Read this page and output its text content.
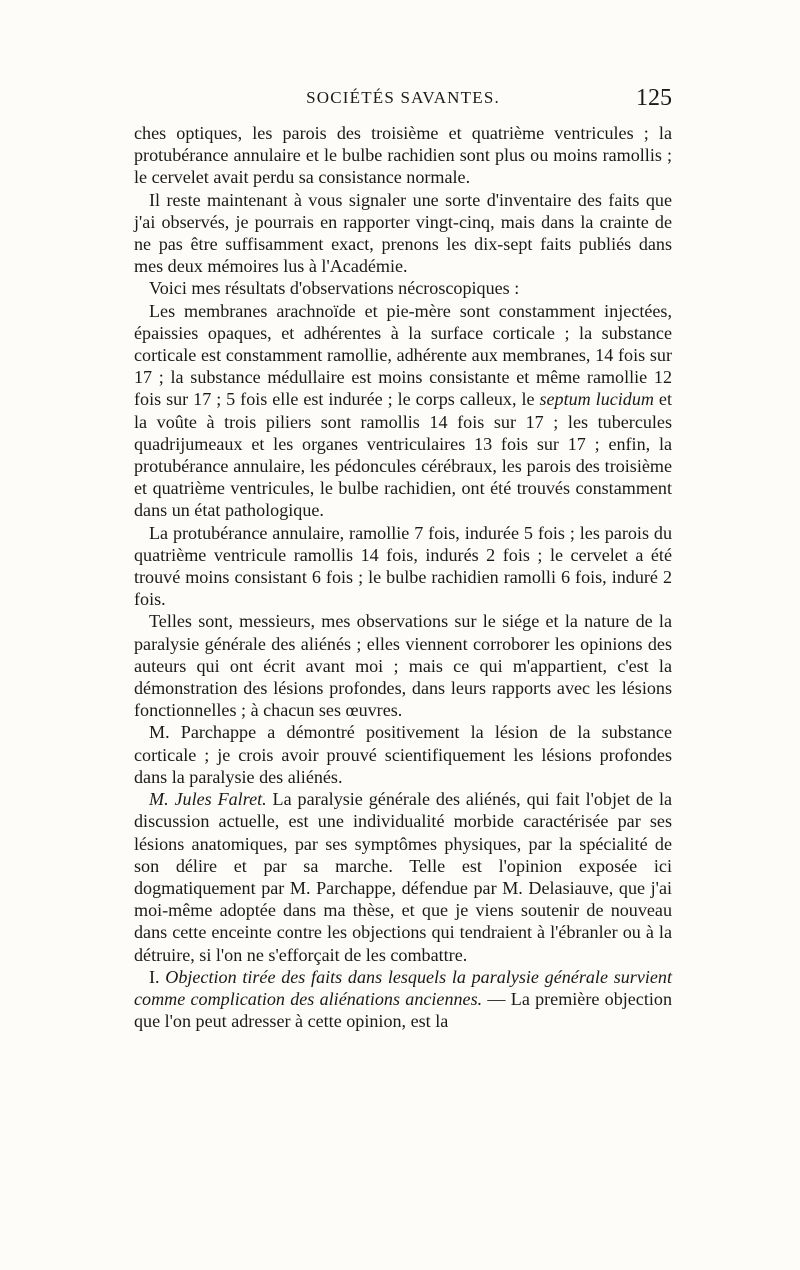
SOCIÉTÉS SAVANTES.	125

ches optiques, les parois des troisième et quatrième ventricules ; la protubérance annulaire et le bulbe rachidien sont plus ou moins ramollis ; le cervelet avait perdu sa consistance normale.

Il reste maintenant à vous signaler une sorte d'inventaire des faits que j'ai observés, je pourrais en rapporter vingt-cinq, mais dans la crainte de ne pas être suffisamment exact, prenons les dix-sept faits publiés dans mes deux mémoires lus à l'Académie.

Voici mes résultats d'observations nécroscopiques :

Les membranes arachnoïde et pie-mère sont constamment injectées, épaissies opaques, et adhérentes à la surface corticale ; la substance corticale est constamment ramollie, adhérente aux membranes, 14 fois sur 17 ; la substance médullaire est moins consistante et même ramollie 12 fois sur 17 ; 5 fois elle est indurée ; le corps calleux, le septum lucidum et la voûte à trois piliers sont ramollis 14 fois sur 17 ; les tubercules quadrijumeaux et les organes ventriculaires 13 fois sur 17 ; enfin, la protubérance annulaire, les pédoncules cérébraux, les parois des troisième et quatrième ventricules, le bulbe rachidien, ont été trouvés constamment dans un état pathologique.

La protubérance annulaire, ramollie 7 fois, indurée 5 fois ; les parois du quatrième ventricule ramollis 14 fois, indurés 2 fois ; le cervelet a été trouvé moins consistant 6 fois ; le bulbe rachidien ramolli 6 fois, induré 2 fois.

Telles sont, messieurs, mes observations sur le siége et la nature de la paralysie générale des aliénés ; elles viennent corroborer les opinions des auteurs qui ont écrit avant moi ; mais ce qui m'appartient, c'est la démonstration des lésions profondes, dans leurs rapports avec les lésions fonctionnelles ; à chacun ses œuvres.

M. Parchappe a démontré positivement la lésion de la substance corticale ; je crois avoir prouvé scientifiquement les lésions profondes dans la paralysie des aliénés.

M. Jules Falret. La paralysie générale des aliénés, qui fait l'objet de la discussion actuelle, est une individualité morbide caractérisée par ses lésions anatomiques, par ses symptômes physiques, par la spécialité de son délire et par sa marche. Telle est l'opinion exposée ici dogmatiquement par M. Parchappe, défendue par M. Delasiauve, que j'ai moi-même adoptée dans ma thèse, et que je viens soutenir de nouveau dans cette enceinte contre les objections qui tendraient à l'ébranler ou à la détruire, si l'on ne s'efforçait de les combattre.

I. Objection tirée des faits dans lesquels la paralysie générale survient comme complication des aliénations anciennes. — La première objection que l'on peut adresser à cette opinion, est la
